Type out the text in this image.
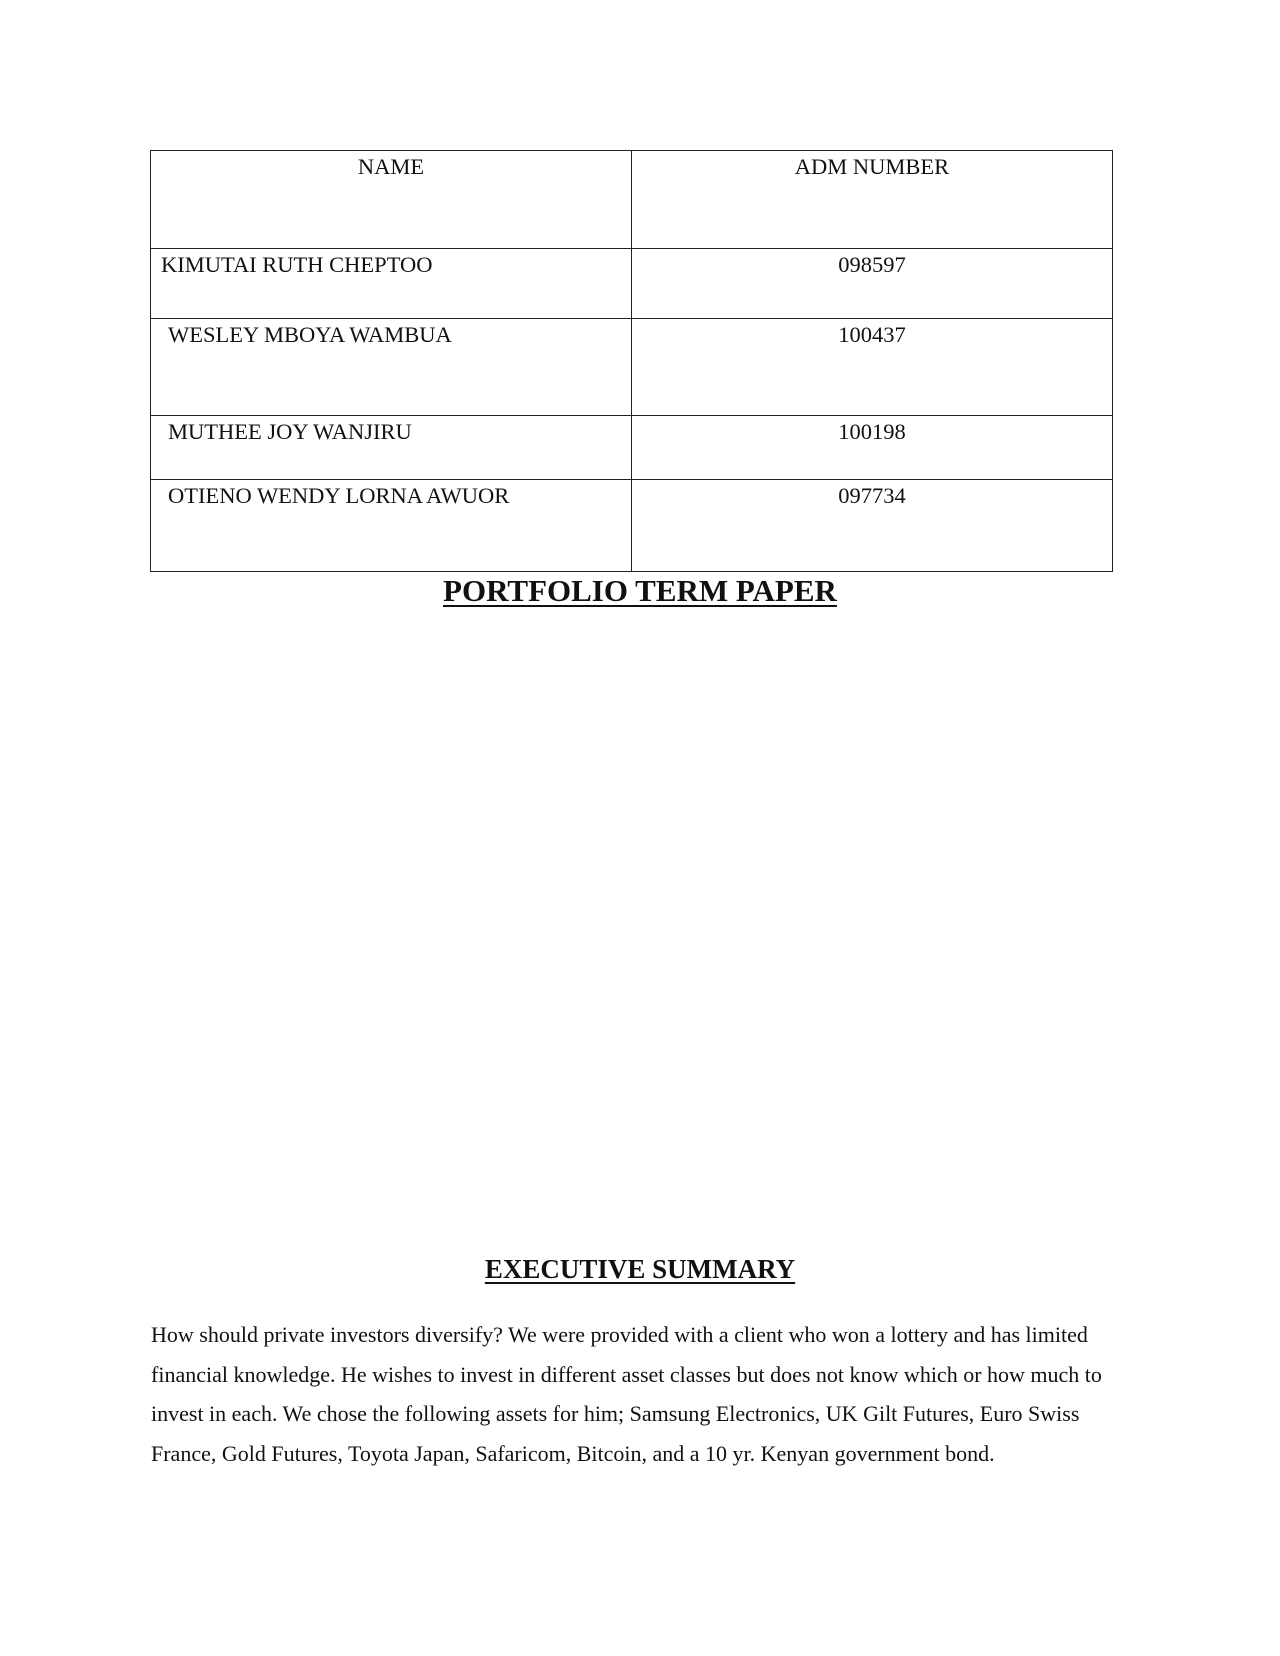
NAME	ADM NUMBER
KIMUTAI RUTH CHEPTOO	098597
WESLEY MBOYA WAMBUA	100437
MUTHEE JOY WANJIRU	100198
OTIENO WENDY LORNA AWUOR	097734
PORTFOLIO TERM PAPER
EXECUTIVE SUMMARY

How should private investors diversify? We were provided with a client who won a lottery and has limited financial knowledge. He wishes to invest in different asset classes but does not know which or how much to invest in each. We chose the following assets for him; Samsung Electronics, UK Gilt Futures, Euro Swiss France, Gold Futures, Toyota Japan, Safaricom, Bitcoin, and a 10 yr. Kenyan government bond.
